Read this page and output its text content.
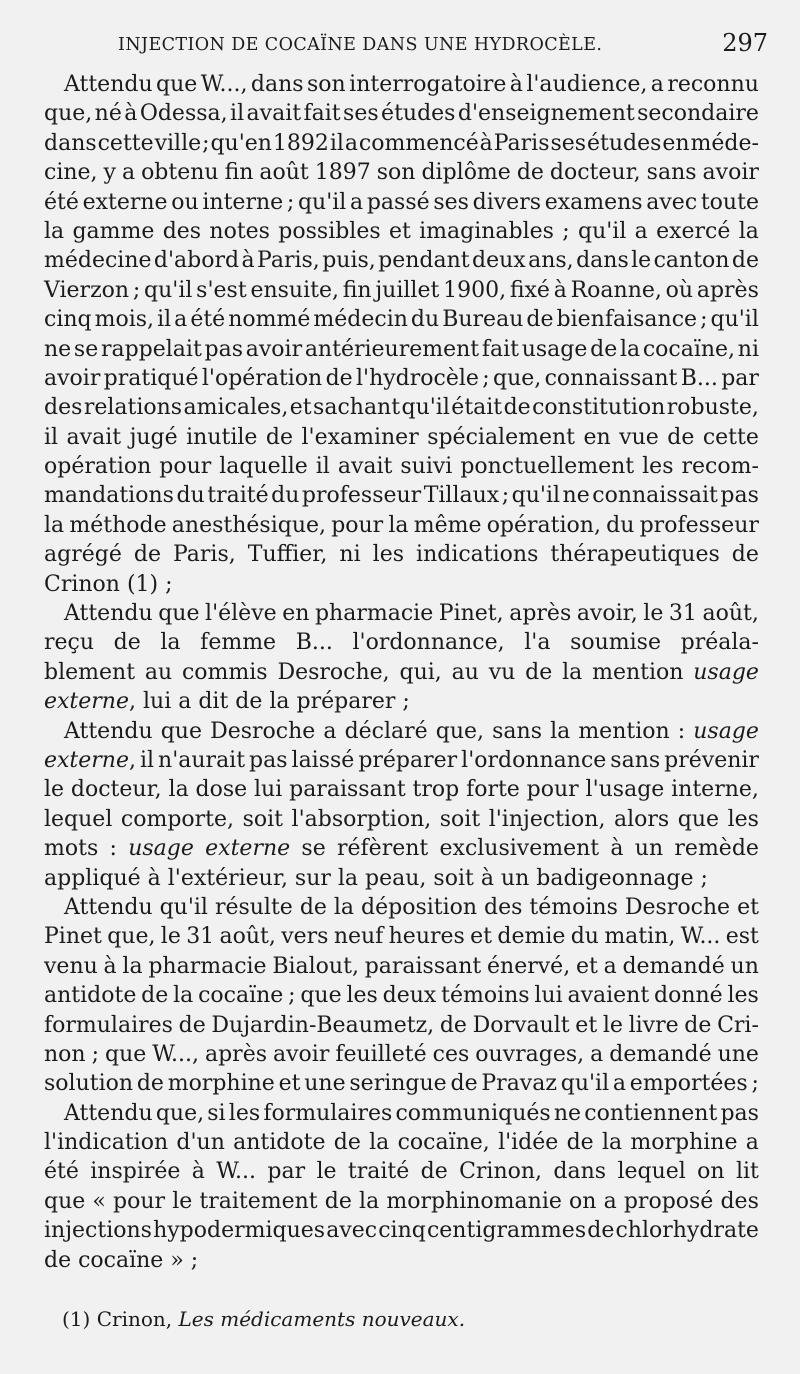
INJECTION DE COCAÏNE DANS UNE HYDROCÈLE.	297
Attendu que W..., dans son interrogatoire à l'audience, a reconnu
que, né à Odessa, il avait fait ses études d'enseignement secondaire
dans cette ville ; qu'en 1892 il a commencé à Paris ses études en méde-
cine, y a obtenu fin août 1897 son diplôme de docteur, sans avoir
été externe ou interne ; qu'il a passé ses divers examens avec toute
la gamme des notes possibles et imaginables ; qu'il a exercé la
médecine d'abord à Paris, puis, pendant deux ans, dans le canton de
Vierzon ; qu'il s'est ensuite, fin juillet 1900, fixé à Roanne, où après
cinq mois, il a été nommé médecin du Bureau de bienfaisance ; qu'il
ne se rappelait pas avoir antérieurement fait usage de la cocaïne, ni
avoir pratiqué l'opération de l'hydrocèle ; que, connaissant B... par
des relations amicales, et sachant qu'il était de constitution robuste,
il avait jugé inutile de l'examiner spécialement en vue de cette
opération pour laquelle il avait suivi ponctuellement les recom-
mandations du traité du professeur Tillaux ; qu'il ne connaissait pas
la méthode anesthésique, pour la même opération, du professeur
agrégé de Paris, Tuffier, ni les indications thérapeutiques de
Crinon (1) ;
Attendu que l'élève en pharmacie Pinet, après avoir, le 31 août,
reçu de la femme B... l'ordonnance, l'a soumise préala-
blement au commis Desroche, qui, au vu de la mention usage
externe, lui a dit de la préparer ;
Attendu que Desroche a déclaré que, sans la mention : usage
externe, il n'aurait pas laissé préparer l'ordonnance sans prévenir
le docteur, la dose lui paraissant trop forte pour l'usage interne,
lequel comporte, soit l'absorption, soit l'injection, alors que les
mots : usage externe se réfèrent exclusivement à un remède
appliqué à l'extérieur, sur la peau, soit à un badigeonnage ;
Attendu qu'il résulte de la déposition des témoins Desroche et
Pinet que, le 31 août, vers neuf heures et demie du matin, W... est
venu à la pharmacie Bialout, paraissant énervé, et a demandé un
antidote de la cocaïne ; que les deux témoins lui avaient donné les
formulaires de Dujardin-Beaumetz, de Dorvault et le livre de Cri-
non ; que W..., après avoir feuilleté ces ouvrages, a demandé une
solution de morphine et une seringue de Pravaz qu'il a emportées ;
Attendu que, si les formulaires communiqués ne contiennent pas
l'indication d'un antidote de la cocaïne, l'idée de la morphine a
été inspirée à W... par le traité de Crinon, dans lequel on lit
que « pour le traitement de la morphinomanie on a proposé des
injections hypodermiques avec cinq centigrammes de chlorhydrate
de cocaïne » ;
(1) Crinon, Les médicaments nouveaux.
